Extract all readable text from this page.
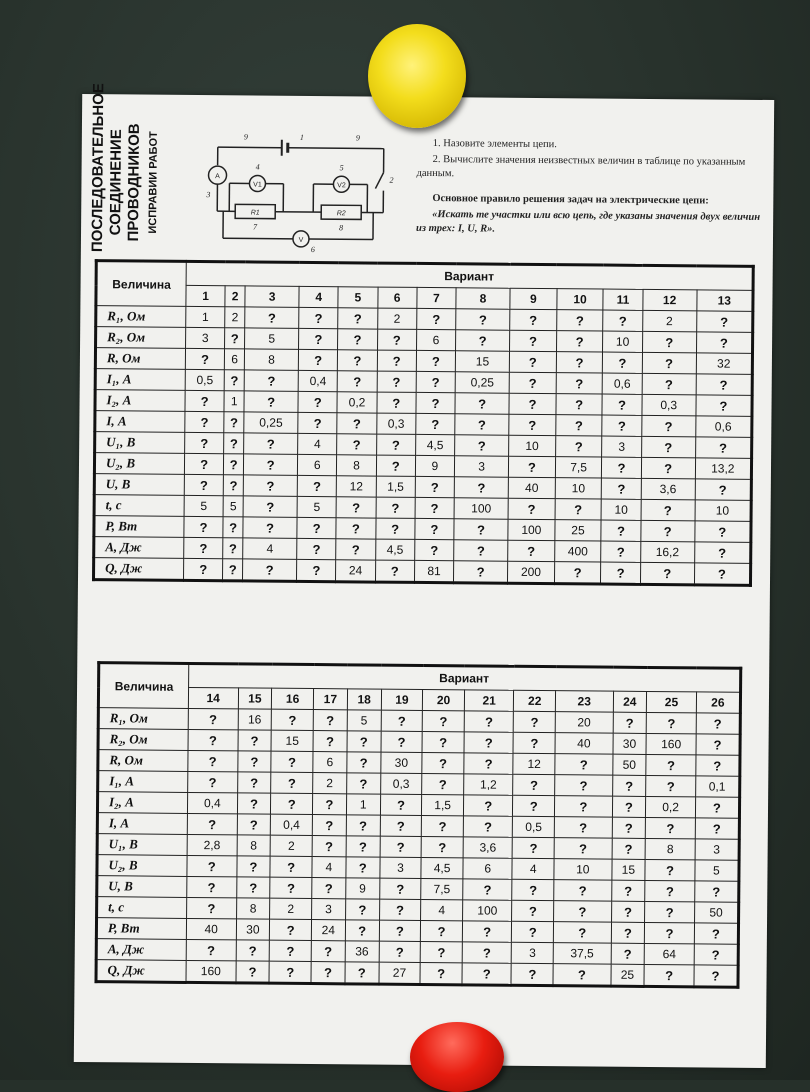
ПОСЛЕДОВАТЕЛЬНОЕ СОЕДИНЕНИЕ ПРОВОДНИКОВ ИСПРАВИИ РАБОТ	9	1	9
4	5
2
3
7	8
6
A
V1	V2
R1	R2
V

1. Назовите элементы цепи.

2. Вычислите значения неизвестных величин в таблице по указанным данным.

Основное правило решения задач на электрические цепи:

«Искать те участки или всю цепь, где указаны значения двух величин из трех: I, U, R».

Величина	Вариант												
	1	2	3	4	5	6	7	8	9	10	11	12	13
R₁, Ом	1	2	?	?	?	2	?	?	?	?	?	2	?
R₂, Ом	3	?	5	?	?	?	6	?	?	?	10	?	?
R, Ом	?	6	8	?	?	?	?	15	?	?	?	?	32
I₁, А	0,5	?	?	0,4	?	?	?	0,25	?	?	0,6	?	?
I₂, А	?	1	?	?	0,2	?	?	?	?	?	?	0,3	?
I, А	?	?	0,25	?	?	0,3	?	?	?	?	?	?	0,6
U₁, В	?	?	?	4	?	?	4,5	?	10	?	3	?	?
U₂, В	?	?	?	6	8	?	9	3	?	7,5	?	?	13,2
U, В	?	?	?	?	12	1,5	?	?	40	10	?	3,6	?
t, с	5	5	?	5	?	?	?	100	?	?	10	?	10
P, Вт	?	?	?	?	?	?	?	?	100	25	?	?	?
A, Дж	?	?	4	?	?	4,5	?	?	?	400	?	16,2	?
Q, Дж	?	?	?	?	24	?	81	?	200	?	?	?	?
Величина	Вариант												
	14	15	16	17	18	19	20	21	22	23	24	25	26
R₁, Ом	?	16	?	?	5	?	?	?	?	20	?	?	?
R₂, Ом	?	?	15	?	?	?	?	?	?	40	30	160	?
R, Ом	?	?	?	6	?	30	?	?	12	?	50	?	?
I₁, А	?	?	?	2	?	0,3	?	1,2	?	?	?	?	0,1
I₂, А	0,4	?	?	?	1	?	1,5	?	?	?	?	0,2	?
I, А	?	?	0,4	?	?	?	?	?	0,5	?	?	?	?
U₁, В	2,8	8	2	?	?	?	?	3,6	?	?	?	8	3
U₂, В	?	?	?	4	?	3	4,5	6	4	10	15	?	5
U, В	?	?	?	?	9	?	7,5	?	?	?	?	?	?
t, с	?	8	2	3	?	?	4	100	?	?	?	?	50
P, Вт	40	30	?	24	?	?	?	?	?	?	?	?	?
A, Дж	?	?	?	?	36	?	?	?	3	37,5	?	64	?
Q, Дж	160	?	?	?	?	27	?	?	?	?	25	?	?
